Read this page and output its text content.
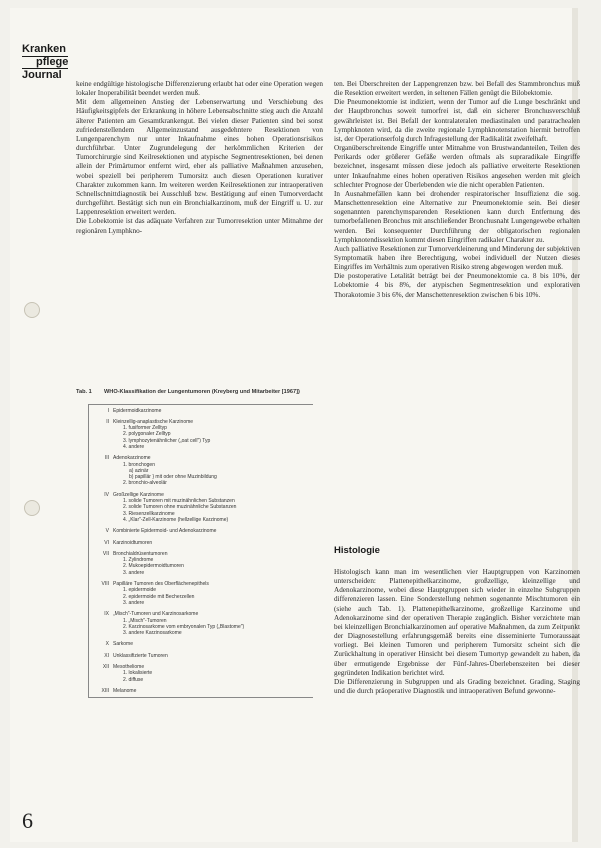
Kranken
pflege
Journal

keine endgültige histologische Differenzierung erlaubt hat oder eine Operation wegen lokaler Inoperabilität beendet werden muß.

Mit dem allgemeinen Anstieg der Lebenserwartung und Verschiebung des Häufigkeitsgipfels der Erkrankung in höhere Lebensabschnitte stieg auch die Anzahl älterer Patienten am Gesamtkrankengut. Bei vielen dieser Patienten sind bei sonst zufriedenstellendem Allgemeinzustand ausgedehntere Resektionen von Lungenparenchym nur unter Inkaufnahme eines hohen Operationsrisikos durchführbar. Unter Zugrundelegung der herkömmlichen Kriterien der Tumorchirurgie sind Keilresektionen und atypische Segmentresektionen, bei denen allein der Primärtumor entfernt wird, eher als palliative Maßnahmen anzusehen, wobei speziell bei peripherem Tumorsitz auch diesen Operationen kurativer Charakter zukommen kann. Im weiteren werden Keilresektionen zur intraoperativen Schnellschnittdiagnostik bei Ausschluß bzw. Bestätigung auf einen Tumorverdacht durchgeführt. Bestätigt sich nun ein Bronchialkarzinom, muß der Eingriff u. U. zur Lappenresektion erweitert werden.

Die Lobektomie ist das adäquate Verfahren zur Tumorresektion unter Mitnahme der regionären Lymphkno-

Tab. 1	WHO-Klassifikation der Lungentumoren (Kreyberg und Mitarbeiter [1967])
I Epidermoidkarzinome
II Kleinzellig-anaplastische Karzinome
1. fusiformer Zelltyp
2. polygonaler Zelltyp
3. lymphozytenähnlicher („oat cell") Typ
4. andere
III Adenokarzinome
1. bronchogen
a) azinär
b) papillär } mit oder ohne Muzinbildung
2. bronchio-alveolär
IV Großzellige Karzinome
1. solide Tumoren mit muzinähnlichen Substanzen
2. solide Tumoren ohne muzinähnliche Substanzen
3. Riesenzellkarzinome
4. „Klar"-Zell-Karzinome (hellzellige Karzinome)
V Kombinierte Epidermoid- und Adenokarzinome
VI Karzinoidtumoren
VII Bronchialdrüsentumoren
1. Zylindrome
2. Mukoepidermoidtumoren
3. andere
VIII Papilläre Tumoren des Oberflächenepithels
1. epidermoide
2. epidermoide mit Becherzellen
3. andere
IX „Misch"-Tumoren und Karzinosarkome
1. „Misch"-Tumoren
2. Karzinosarkome vom embryonalen Typ („Blastome")
3. andere Karzinosarkome
X Sarkome
XI Unklassifizierte Tumoren
XII Mesotheliome
1. lokalisierte
2. diffuse
XIII Melanome

ten. Bei Überschreiten der Lappengrenzen bzw. bei Befall des Stammbronchus muß die Resektion erweitert werden, in seltenen Fällen genügt die Bilobektomie.

Die Pneumonektomie ist indiziert, wenn der Tumor auf die Lunge beschränkt und der Hauptbronchus soweit tumorfrei ist, daß ein sicherer Bronchusverschluß gewährleistet ist. Bei Befall der kontralateralen mediastinalen und paratrachealen Lymphknoten wird, da die zweite regionale Lymphknotenstation hiermit betroffen ist, der Operationserfolg durch Infragestellung der Radikalität zweifelhaft.

Organüberschreitende Eingriffe unter Mitnahme von Brustwandanteilen, Teilen des Perikards oder größerer Gefäße werden oftmals als supraradikale Eingriffe bezeichnet, insgesamt müssen diese jedoch als palliative erweiterte Resektionen unter Inkaufnahme eines hohen operativen Risikos angesehen werden mit gleich schlechter Prognose der Überlebenden wie die nicht operablen Patienten.

In Ausnahmefällen kann bei drohender respiratorischer Insuffizienz die sog. Manschettenresektion eine Alternative zur Pneumonektomie sein. Bei dieser sogenannten parenchymsparenden Resektionen kann durch Entfernung des tumorbefallenen Bronchus mit anschließender Bronchusnaht Lungengewebe erhalten werden. Bei konsequenter Durchführung der obligatorischen regionalen Lymphknotendissektion kommt diesen Eingriffen radikaler Charakter zu.

Auch palliative Resektionen zur Tumorverkleinerung und Minderung der subjektiven Symptomatik haben ihre Berechtigung, wobei individuell der Nutzen dieses Eingriffes im Verhältnis zum operativen Risiko streng abgewogen werden muß.

Die postoperative Letalität beträgt bei der Pneumonektomie ca. 8 bis 10%, der Lobektomie 4 bis 8%, der atypischen Segmentresektion und explorativen Thorakotomie 3 bis 6%, der Manschettenresektion zwischen 6 bis 10%.

Histologie

Histologisch kann man im wesentlichen vier Hauptgruppen von Karzinomen unterscheiden: Plattenepithelkarzinome, großzellige, kleinzellige und Adenokarzinome, wobei diese Hauptgruppen sich wieder in einzelne Subgruppen differenzieren lassen. Eine Sonderstellung nehmen sogenannte Mischtumoren ein (siehe auch Tab. 1). Plattenepithelkarzinome, großzellige Karzinome und Adenokarzinome sind der operativen Therapie zugänglich. Bisher verzichtete man bei kleinzelligen Bronchialkarzinomen auf operative Maßnahmen, da zum Zeitpunkt der Diagnosestellung erfahrungsgemäß bereits eine disseminierte Tumoraussaat vorliegt. Bei kleinen Tumoren und peripherem Tumorsitz scheint sich die Zurückhaltung in operativer Hinsicht bei diesem Tumortyp gewandelt zu haben, da über ermutigende Ergebnisse der Fünf-Jahres-Überlebenszeiten bei dieser gegründeten Indikation berichtet wird.

Die Differenzierung in Subgruppen und als Grading bezeichnet. Grading, Staging und die durch präoperative Diagnostik und intraoperativen Befund gewonne-

6
